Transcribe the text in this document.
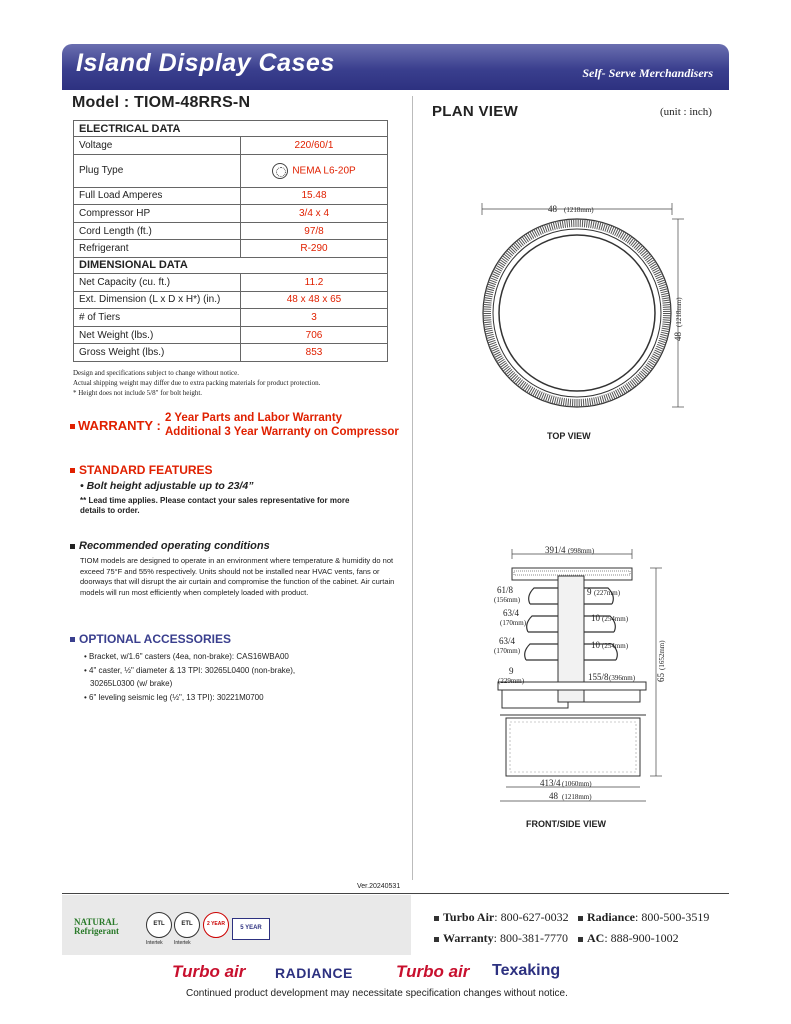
Island Display Cases	Self- Serve Merchandisers
Model : TIOM-48RRS-N
ELECTRICAL DATA	
Voltage	220/60/1
Plug Type	NEMA L6-20P
Full Load Amperes	15.48
Compressor HP	3/4 x 4
Cord Length (ft.)	97/8
Refrigerant	R-290
DIMENSIONAL DATA	
Net Capacity (cu. ft.)	11.2
Ext. Dimension (L x D x H*) (in.)	48 x 48 x 65
# of Tiers	3
Net Weight (lbs.)	706
Gross Weight (lbs.)	853
Design and specifications subject to change without notice.
Actual shipping weight may differ due to extra packing materials for product protection.
* Height does not include 5/8" for bolt height.
WARRANTY : 2 Year Parts and Labor Warranty
Additional 3 Year Warranty on Compressor
STANDARD FEATURES
• Bolt height adjustable up to 23/4”
** Lead time applies. Please contact your sales representative for more details to order.
Recommended operating conditions
TIOM models are designed to operate in an environment where temperature & humidity do not exceed 75°F and 55% respectively. Units should not be installed near HVAC vents, fans or doorways that will disrupt the air curtain and compromise the function of the cabinet. Air curtain models will run most efficiently when completely loaded with product.
OPTIONAL ACCESSORIES
• Bracket, w/1.6" casters (4ea, non-brake): CAS16WBA00
• 4" caster, ½" diameter & 13 TPI: 30265L0400 (non-brake),
30265L0300 (w/ brake)
• 6" leveling seismic leg (½", 13 TPI): 30221M0700
Ver.20240531
PLAN VIEW	(unit : inch)
48 (1218mm)
48
(1218mm)
TOP VIEW
391/4 (998mm)
61/8
(156mm)
63/4
(170mm)
63/4
(170mm)
9
(229mm)
9 (227mm)
10 (254mm)
10 (254mm)
155/8 (396mm) 65
(1652mm)
413/4 (1060mm)
48 (1218mm)
FRONT/SIDE VIEW
NATURAL
Refrigerant
ETL
Intertek
ETL
Intertek
2 YEAR
5 YEAR
Turbo Air: 800-627-0032
Warranty: 800-381-7770
Radiance: 800-500-3519
AC: 888-900-1002
Turbo air RADIANCE	Turbo air Texaking
Continued product development may necessitate specification changes without notice.
